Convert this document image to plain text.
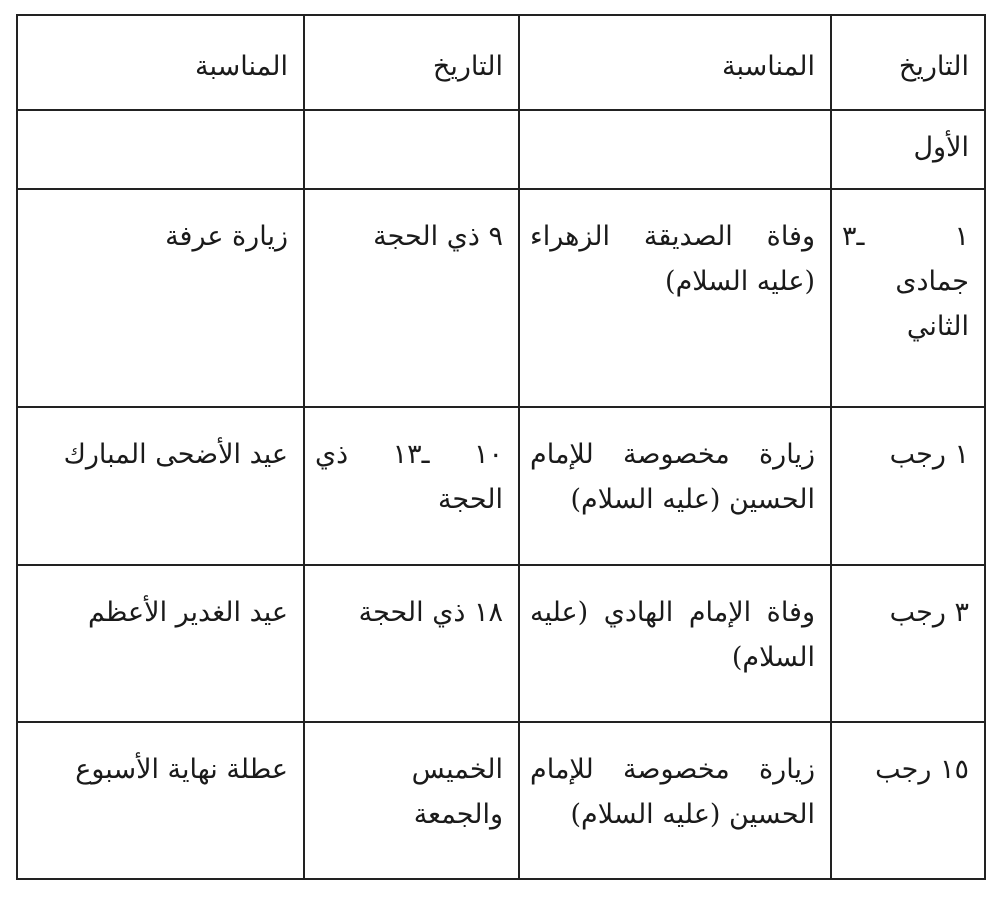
التاريخ	المناسبة	التاريخ	المناسبة

الأول			

١ ـ٣ جمادى الثاني	وفاة الصديقة الزهراء (عليه السلام)	٩ ذي الحجة	زيارة عرفة

١ رجب	زيارة مخصوصة للإمام الحسين (عليه السلام)	١٠ ـ١٣ ذي الحجة	عيد الأضحى المبارك

٣ رجب	وفاة الإمام الهادي (عليه السلام)	١٨ ذي الحجة	عيد الغدير الأعظم

١٥ رجب	زيارة مخصوصة للإمام الحسين (عليه السلام)	الخميس والجمعة	عطلة نهاية الأسبوع
